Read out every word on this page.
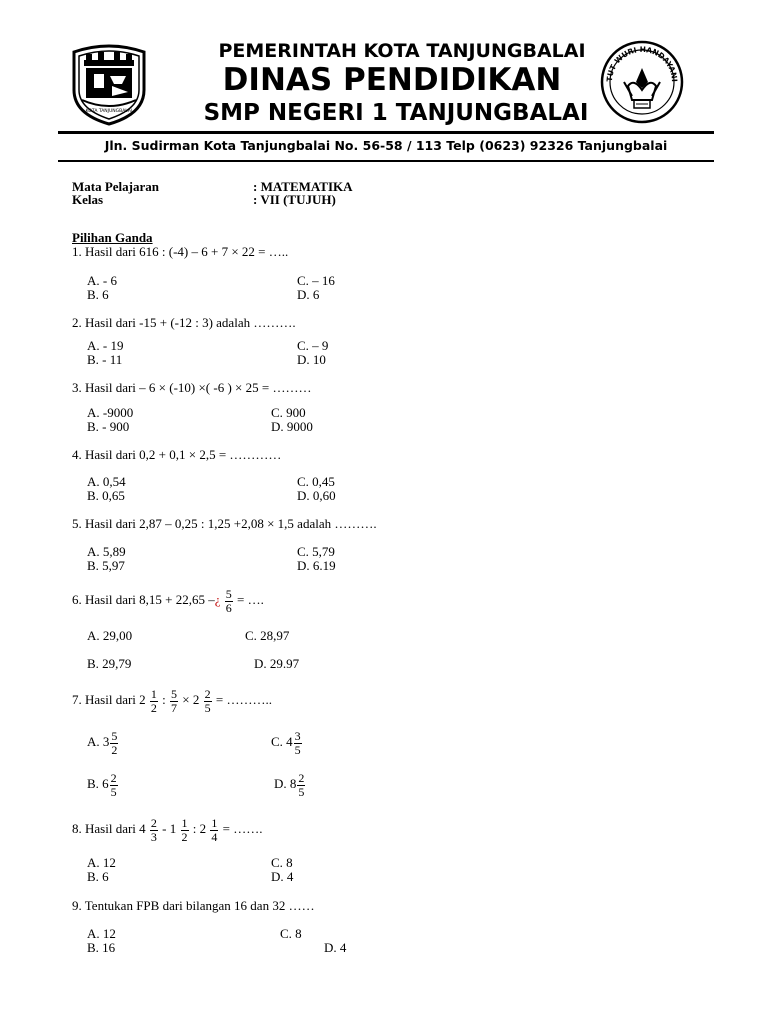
KOTA TANJUNGBALAI
TUT WURI HANDAYANI
PEMERINTAH KOTA TANJUNGBALAI
DINAS PENDIDIKAN
SMP NEGERI 1 TANJUNGBALAI
Jln. Sudirman Kota Tanjungbalai No. 56-58 / 113 Telp (0623) 92326 Tanjungbalai
Mata Pelajaran	: MATEMATIKA
Kelas	: VII (TUJUH)
Pilihan Ganda
1. Hasil dari 616 : (-4) – 6 + 7 × 22 = …..
A. - 6
B. 6
C. – 16
D. 6
2. Hasil dari -15 + (-12 : 3) adalah ……….
A. - 19
B. - 11
C. – 9
D. 10
3. Hasil dari – 6 × (-10) ×( -6 ) × 25 = ………
A. -9000
B. - 900
C. 900
D. 9000
4. Hasil dari 0,2 + 0,1 × 2,5 = …………
A. 0,54
B. 0,65
C. 0,45
D. 0,60
5. Hasil dari 2,87 – 0,25 : 1,25 +2,08 × 1,5 adalah ……….
A. 5,89
B. 5,97
C. 5,79
D. 6.19
6. Hasil dari 8,15 + 22,65 –¿ $\frac{5}{6}$ = ….
A. 29,00	C. 28,97
B. 29,79	D. 29.97
7. Hasil dari $2 \frac{1}{2}$ : $\frac{5}{7} \times 2 \frac{2}{5}$ = ………..
A. $3 \frac{5}{2}$	C. $4 \frac{3}{5}$
B. $6 \frac{2}{5}$	D. $8 \frac{2}{5}$
8. Hasil dari $4 \frac{2}{3} - 1 \frac{1}{2}$ : $2 \frac{1}{4}$ = …….
A. 12
B. 6
C. 8
D. 4
9. Tentukan FPB dari bilangan 16 dan 32 ……
A. 12
B. 16
C. 8
D. 4
